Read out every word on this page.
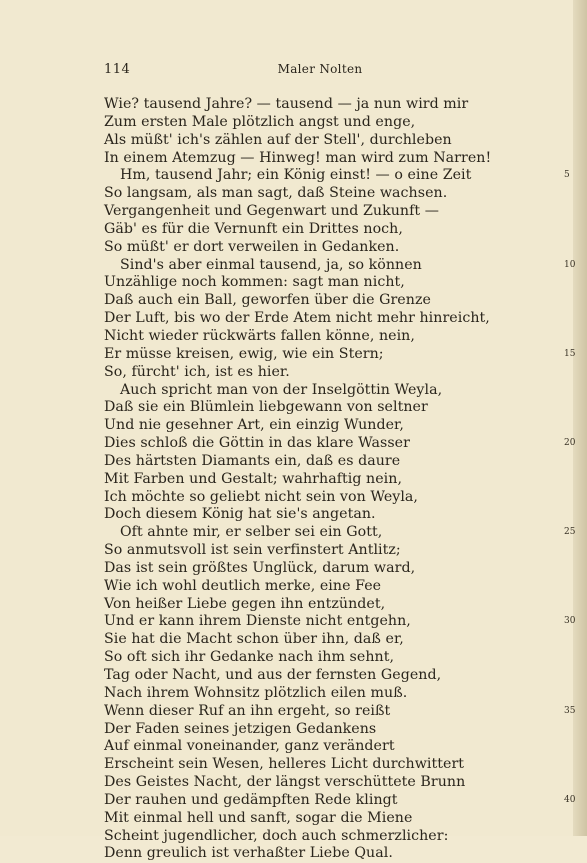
Maler Nolten
114
Wie? tausend Jahre? — tausend — ja nun wird mir
Zum ersten Male plötzlich angst und enge,
Als müßt' ich's zählen auf der Stell', durchleben
In einem Atemzug — Hinweg! man wird zum Narren!
Hm, tausend Jahr; ein König einst! — o eine Zeit	5
So langsam, als man sagt, daß Steine wachsen.
Vergangenheit und Gegenwart und Zukunft —
Gäb' es für die Vernunft ein Drittes noch,
So müßt' er dort verweilen in Gedanken.
Sind's aber einmal tausend, ja, so können	10
Unzählige noch kommen: sagt man nicht,
Daß auch ein Ball, geworfen über die Grenze
Der Luft, bis wo der Erde Atem nicht mehr hinreicht,
Nicht wieder rückwärts fallen könne, nein,
Er müsse kreisen, ewig, wie ein Stern;	15
So, fürcht' ich, ist es hier.
Auch spricht man von der Inselgöttin Weyla,
Daß sie ein Blümlein liebgewann von seltner
Und nie gesehner Art, ein einzig Wunder,
Dies schloß die Göttin in das klare Wasser	20
Des härtsten Diamants ein, daß es daure
Mit Farben und Gestalt; wahrhaftig nein,
Ich möchte so geliebt nicht sein von Weyla,
Doch diesem König hat sie's angetan.
Oft ahnte mir, er selber sei ein Gott,	25
So anmutsvoll ist sein verfinstert Antlitz;
Das ist sein größtes Unglück, darum ward,
Wie ich wohl deutlich merke, eine Fee
Von heißer Liebe gegen ihn entzündet,
Und er kann ihrem Dienste nicht entgehn,	30
Sie hat die Macht schon über ihn, daß er,
So oft sich ihr Gedanke nach ihm sehnt,
Tag oder Nacht, und aus der fernsten Gegend,
Nach ihrem Wohnsitz plötzlich eilen muß.
Wenn dieser Ruf an ihn ergeht, so reißt	35
Der Faden seines jetzigen Gedankens
Auf einmal voneinander, ganz verändert
Erscheint sein Wesen, helleres Licht durchwittert
Des Geistes Nacht, der längst verschüttete Brunn
Der rauhen und gedämpften Rede klingt	40
Mit einmal hell und sanft, sogar die Miene
Scheint jugendlicher, doch auch schmerzlicher:
Denn greulich ist verhaßter Liebe Qual.
